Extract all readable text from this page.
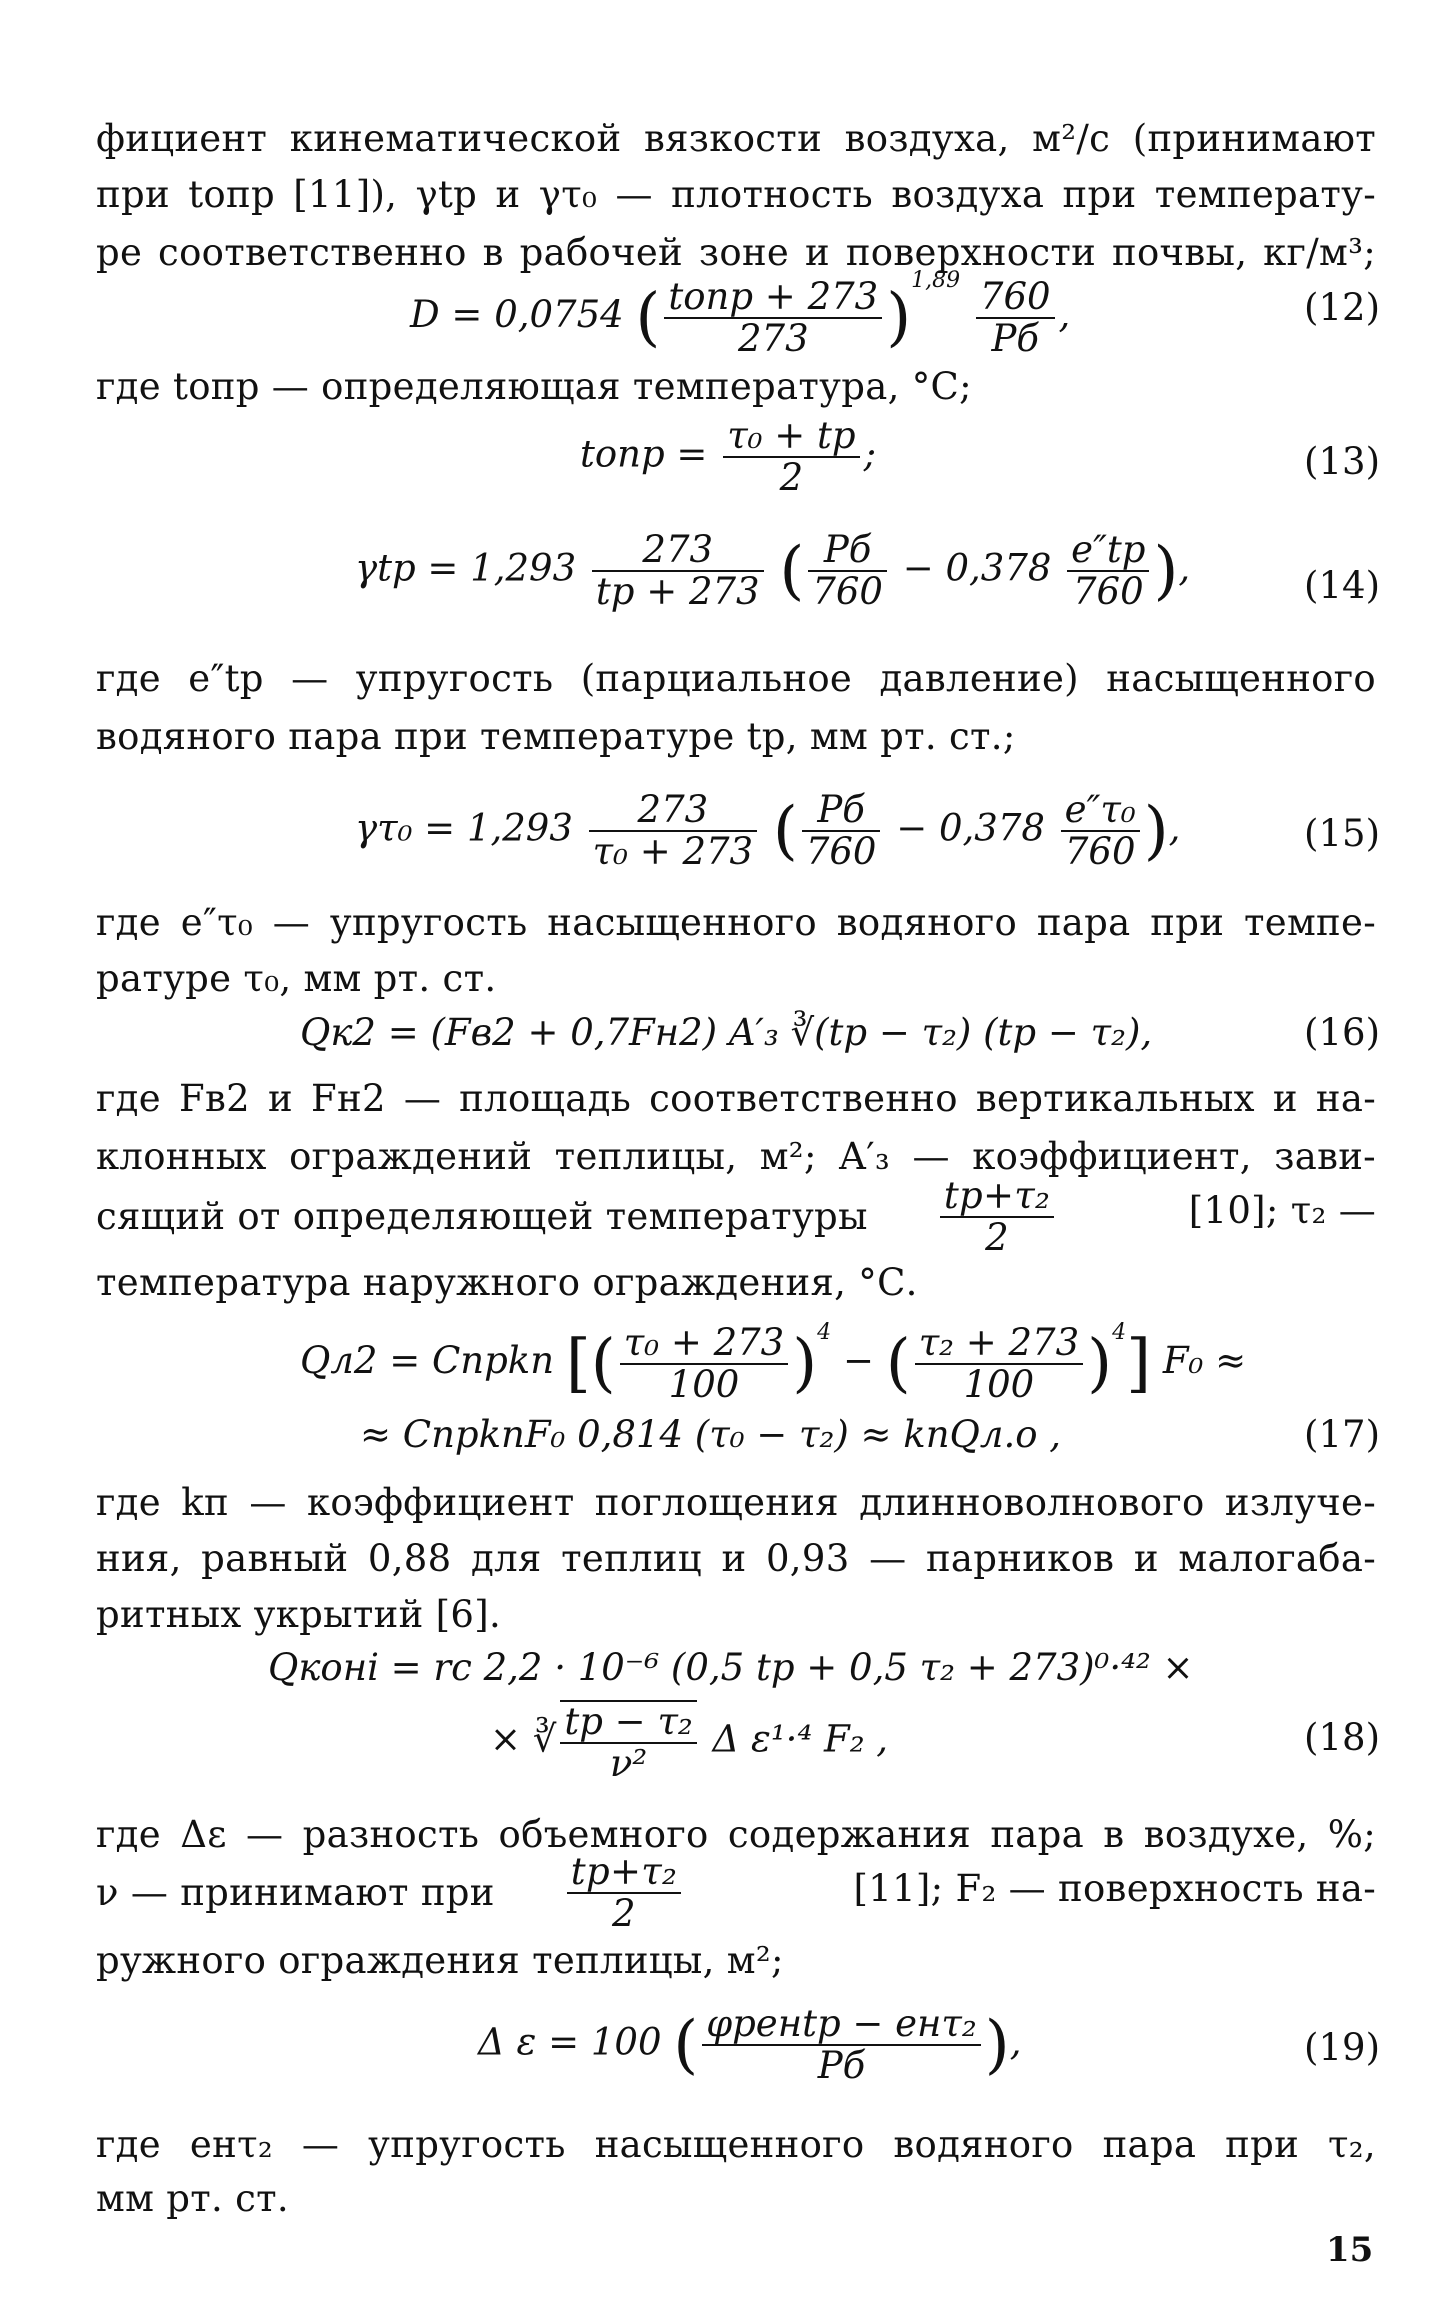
фициент кинематической вязкости воздуха, м²/с (принимают
при tопр [11]), γtр и γτ₀ — плотность воздуха при температу-
ре соответственно в рабочей зоне и поверхности почвы, кг/м³;
D = 0,0754 ( $\frac{\text{tопр + 273}}{273} )^{1,89} \frac{760}{Pб}$ ,	(12)
где tопр — определяющая температура, °С;
tопр = $\frac{\text{τ₀ + tр}}{2}$ ;	(13)
$\gamma tр = 1,293 \frac{273}{tр + 273}$ ( $\frac{Pб}{760} - 0,378 \frac{e''tр}{760}$ ),	(14)
где e″tр — упругость (парциальное давление) насыщенного
водяного пара при температуре tр, мм рт. ст.;
$\gamma\tau_0 = 1,293 \frac{273}{\text{τ₀ + 273}}$ ( $\frac{Pб}{760} - 0,378 \frac{\text{e″τ₀}}{760}$ ),	(15)
где e″τ₀ — упругость насыщенного водяного пара при темпе-
ратуре τ₀, мм рт. ст.
Qк2 = (Fв2 + 0,7Fн2) A′₃ ∛(tр − τ₂) (tр − τ₂),	(16)
где Fв2 и Fн2 — площадь соответственно вертикальных и на-
клонных ограждений теплицы, м²; A′₃ — коэффициент, зави-
сящий от определяющей температуры $\frac{\text{tр+τ₂}}{2}$	[10]; τ₂ —
температура наружного ограждения, °С.
Qл2 = Cпрkп [( $\frac{\text{τ₀ + 273}}{100} )^4$ − ( $\frac{\text{τ₂ + 273}}{100} )^4$] F₀ ≈
≈ CпрkпF₀ 0,814 (τ₀ − τ₂) ≈ kпQл.о ,	(17)
где kп — коэффициент поглощения длинноволнового излуче-
ния, равный 0,88 для теплиц и 0,93 — парников и малогаба-
ритных укрытий [6].
Qконi = rс 2,2 · 10⁻⁶ (0,5 tр + 0,5 τ₂ + 273)⁰·⁴² ×
× ∛ $\frac{\text{tр − τ₂}}{\text{ν²}}$ Δ ε¹·⁴ F₂ ,	(18)
где Δε — разность объемного содержания пара в воздухе, %;
ν — принимают при $\frac{\text{tр+τ₂}}{2}$	[11]; F₂ — поверхность на-
ружного ограждения теплицы, м²;
Δ ε = 100 ( $\frac{\text{φрeнtр − eнτ₂}}{Pб}$ ),	(19)
где eнτ₂ — упругость насыщенного водяного пара при τ₂,
мм рт. ст.
15
